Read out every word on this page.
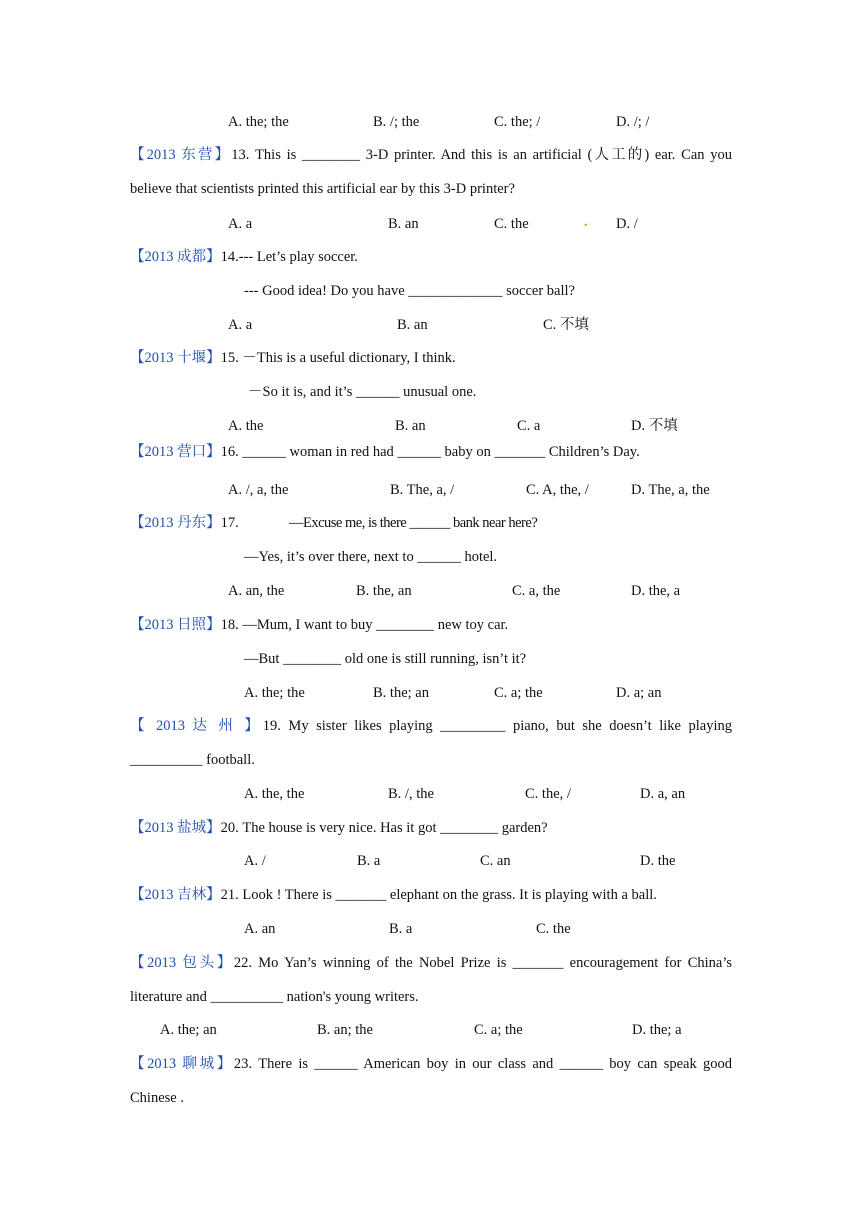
A. the; the	B. /; the	C. the; /	D. /; /
【2013 东营】13. This is ________ 3-D printer. And this is an artificial (人工的) ear. Can you
believe that scientists printed this artificial ear by this 3-D printer?
A. a	B. an	C. the	. D. /
【2013 成都】14.--- Let’s play soccer.
--- Good idea! Do you have _____________ soccer ball?
A. a	B. an	C. 不填
【2013 十堰】15. －This is a useful dictionary, I think.
－So it is, and it’s ______ unusual one.
A. the	B. an	C. a	D. 不填
【2013 营口】16. ______ woman in red had ______ baby on _______ Children’s Day.
A. /, a, the	B. The, a, /	C. A, the, /	D. The, a, the
【2013 丹东】17.	—Excuse me, is there ______ bank near here?
—Yes, it’s over there, next to ______ hotel.
A. an, the	B. the, an	C. a, the	D. the, a
【2013 日照】18. —Mum, I want to buy ________ new toy car.
—But ________ old one is still running, isn’t it?
A. the; the	B. the; an	C. a; the	D. a; an
【 2013 达 州 】19. My sister likes playing _________ piano, but she doesn’t like playing
__________ football.
A. the, the	B. /, the	C. the, /	D. a, an
【2013 盐城】20. The house is very nice. Has it got ________ garden?
A. /	B. a	C. an	D. the
【2013 吉林】21. Look ! There is _______ elephant on the grass. It is playing with a ball.
A. an	B. a	C. the
【2013 包头】22. Mo Yan’s winning of the Nobel Prize is _______ encouragement for China’s
literature and __________ nation's young writers.
A. the; an	B. an; the	C. a; the	D. the; a
【2013 聊城】23. There is ______ American boy in our class and ______ boy can speak good
Chinese .
